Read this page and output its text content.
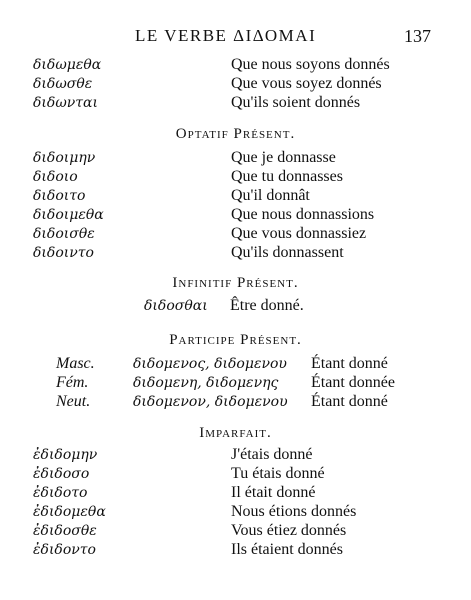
LE VERBE ΔΙΔΟΜΑΙ	137
διδωμεθα	Que nous soyons donnés
διδωσθε	Que vous soyez donnés
διδωνται	Qu'ils soient donnés
Optatif Présent.
διδοιμην	Que je donnasse
διδοιο	Que tu donnasses
διδοιτο	Qu'il donnât
διδοιμεθα	Que nous donnassions
διδοισθε	Que vous donnassiez
διδοιντο	Qu'ils donnassent
Infinitif Présent.
διδοσθαι Être donné.
Participe Présent.
Masc.	διδομενος, διδομενου Étant donné
Fém.	διδομενη, διδομενης Étant donnée
Neut.	διδομενον, διδομενου Étant donné
Imparfait.
ἐδιδομην	J'étais donné
ἐδιδοσο	Tu étais donné
ἐδιδοτο	Il était donné
ἐδιδομεθα	Nous étions donnés
ἐδιδοσθε	Vous étiez donnés
ἐδιδοντο	Ils étaient donnés
